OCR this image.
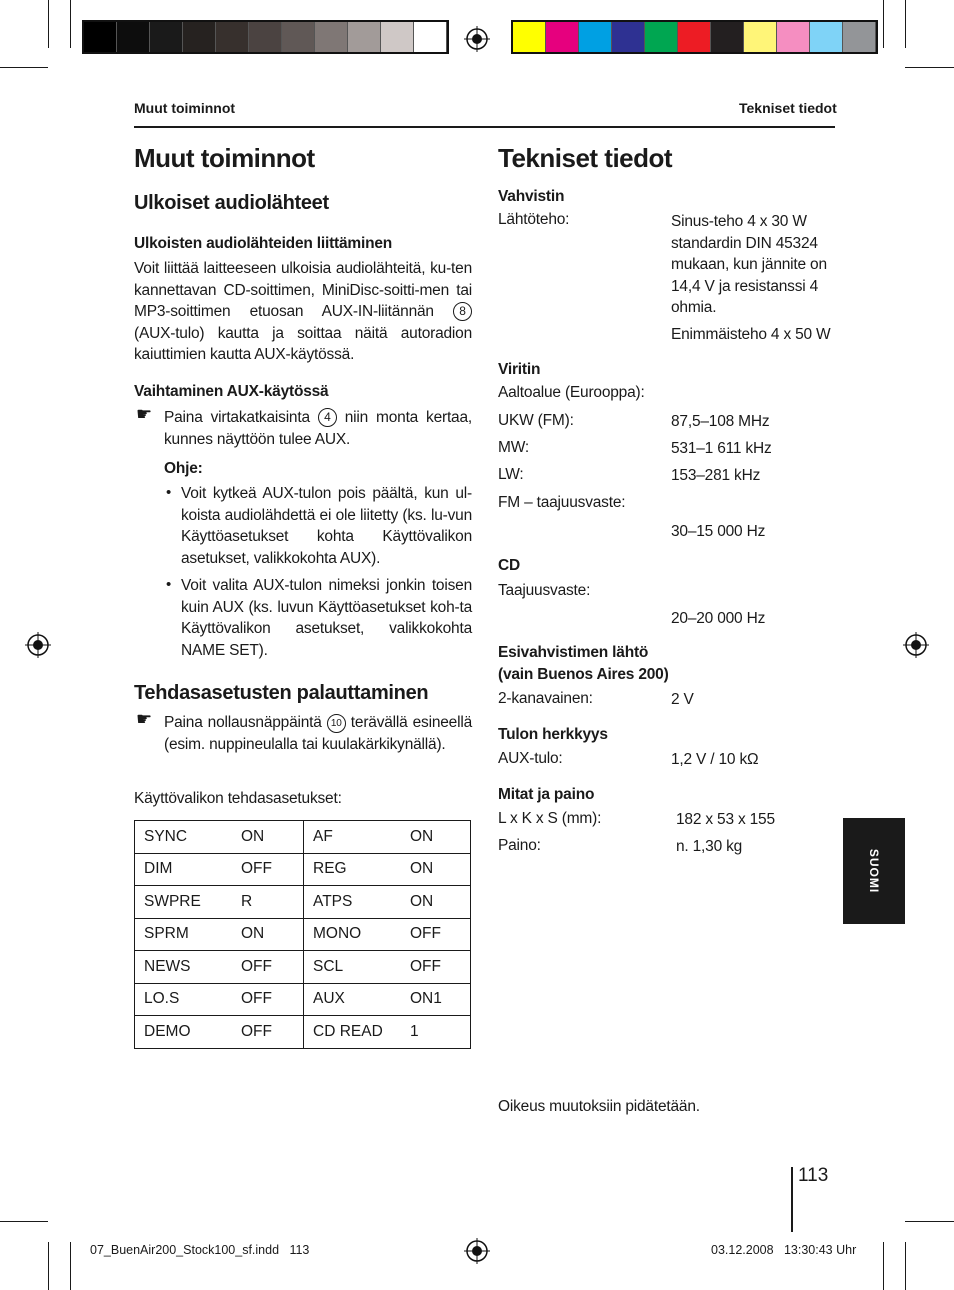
Muut toiminnot	Tekniset tiedot
Muut toiminnot
Ulkoiset audiolähteet
Ulkoisten audiolähteiden liittäminen
Voit liittää laitteeseen ulkoisia audiolähteitä, ku-ten kannettavan CD-soittimen, MiniDisc-soitti-men tai MP3-soittimen etuosan AUX-IN-liitännän 8 (AUX-tulo) kautta ja soittaa näitä autoradion kaiuttimien kautta AUX-käytössä.
Vaihtaminen AUX-käytössä
☛ Paina virtakatkaisinta 4 niin monta kertaa, kunnes näyttöön tulee AUX.
Ohje:
• Voit kytkeä AUX-tulon pois päältä, kun ul-koista audiolähdettä ei ole liitetty (ks. lu-vun Käyttöasetukset kohta Käyttövalikon asetukset, valikkokohta AUX).
• Voit valita AUX-tulon nimeksi jonkin toisen kuin AUX (ks. luvun Käyttöasetukset koh-ta Käyttövalikon asetukset, valikkokohta NAME SET).
Tehdasasetusten palauttaminen
☛ Paina nollausnäppäintä 10 terävällä esineellä (esim. nuppineulalla tai kuulakärkikynällä).
Käyttövalikon tehdasasetukset:
SYNC	ON	AF	ON
DIM	OFF	REG	ON
SWPRE	R	ATPS	ON
SPRM	ON	MONO	OFF
NEWS	OFF	SCL	OFF
LO.S	OFF	AUX	ON1
DEMO	OFF	CD READ	1
Tekniset tiedot
Vahvistin
Lähtöteho:	Sinus-teho 4 x 30 W standardin DIN 45324 mukaan, kun jännite on 14,4 V ja resistanssi 4 ohmia.
Enimmäisteho 4 x 50 W
Viritin
Aaltoalue (Eurooppa):
UKW (FM):	87,5–108 MHz
MW:	531–1 611 kHz
LW:	153–281 kHz
FM – taajuusvaste:
30–15 000 Hz
CD
Taajuusvaste:
20–20 000 Hz
Esivahvistimen lähtö
(vain Buenos Aires 200)
2-kanavainen:	2 V
Tulon herkkyys
AUX-tulo:	1,2 V / 10 kΩ
Mitat ja paino
L x K x S (mm):	182 x 53 x 155
Paino:	n. 1,30 kg
Oikeus muutoksiin pidätetään.
SUOMI
113
07_BuenAir200_Stock100_sf.indd   113	03.12.2008   13:30:43 Uhr
